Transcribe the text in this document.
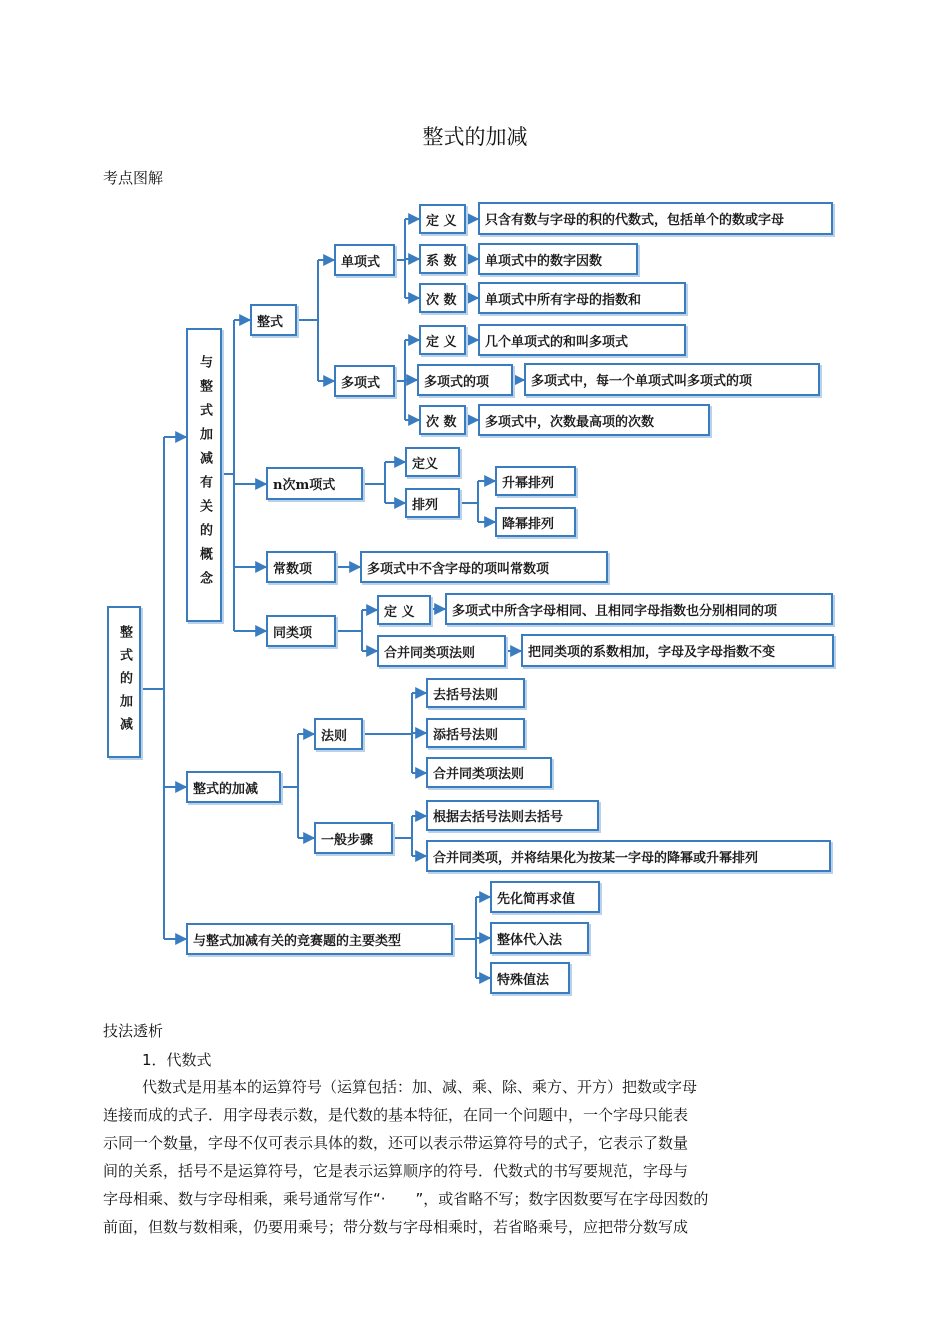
整式的加减
考点图解
整式的加减
与整式加减有关的概念
整式的加减
与整式加减有关的竞赛题的主要类型
整式
n次m项式
常数项
同类项
单项式
多项式
定 义	只含有数与字母的积的代数式，包括单个的数或字母
系 数	单项式中的数字因数
次 数	单项式中所有字母的指数和
定 义	几个单项式的和叫多项式
多项式的项	多项式中，每一个单项式叫多项式的项
次 数	多项式中，次数最高项的次数
定义
排列
升幂排列
降幂排列
多项式中不含字母的项叫常数项
定 义	多项式中所含字母相同、且相同字母指数也分别相同的项
合并同类项法则	把同类项的系数相加，字母及字母指数不变
法则
去括号法则
添括号法则
合并同类项法则
一般步骤
根据去括号法则去括号
合并同类项，并将结果化为按某一字母的降幂或升幂排列
先化简再求值
整体代入法
特殊值法
技法透析
1．代数式

代数式是用基本的运算符号（运算包括：加、减、乘、除、乘方、开方）把数或字母

连接而成的式子．用字母表示数，是代数的基本特征，在同一个问题中，一个字母只能表

示同一个数量，字母不仅可表示具体的数，还可以表示带运算符号的式子，它表示了数量

间的关系，括号不是运算符号，它是表示运算顺序的符号．代数式的书写要规范，字母与

字母相乘、数与字母相乘，乘号通常写作“·　　”，或省略不写；数字因数要写在字母因数的

前面，但数与数相乘，仍要用乘号；带分数与字母相乘时，若省略乘号，应把带分数写成
